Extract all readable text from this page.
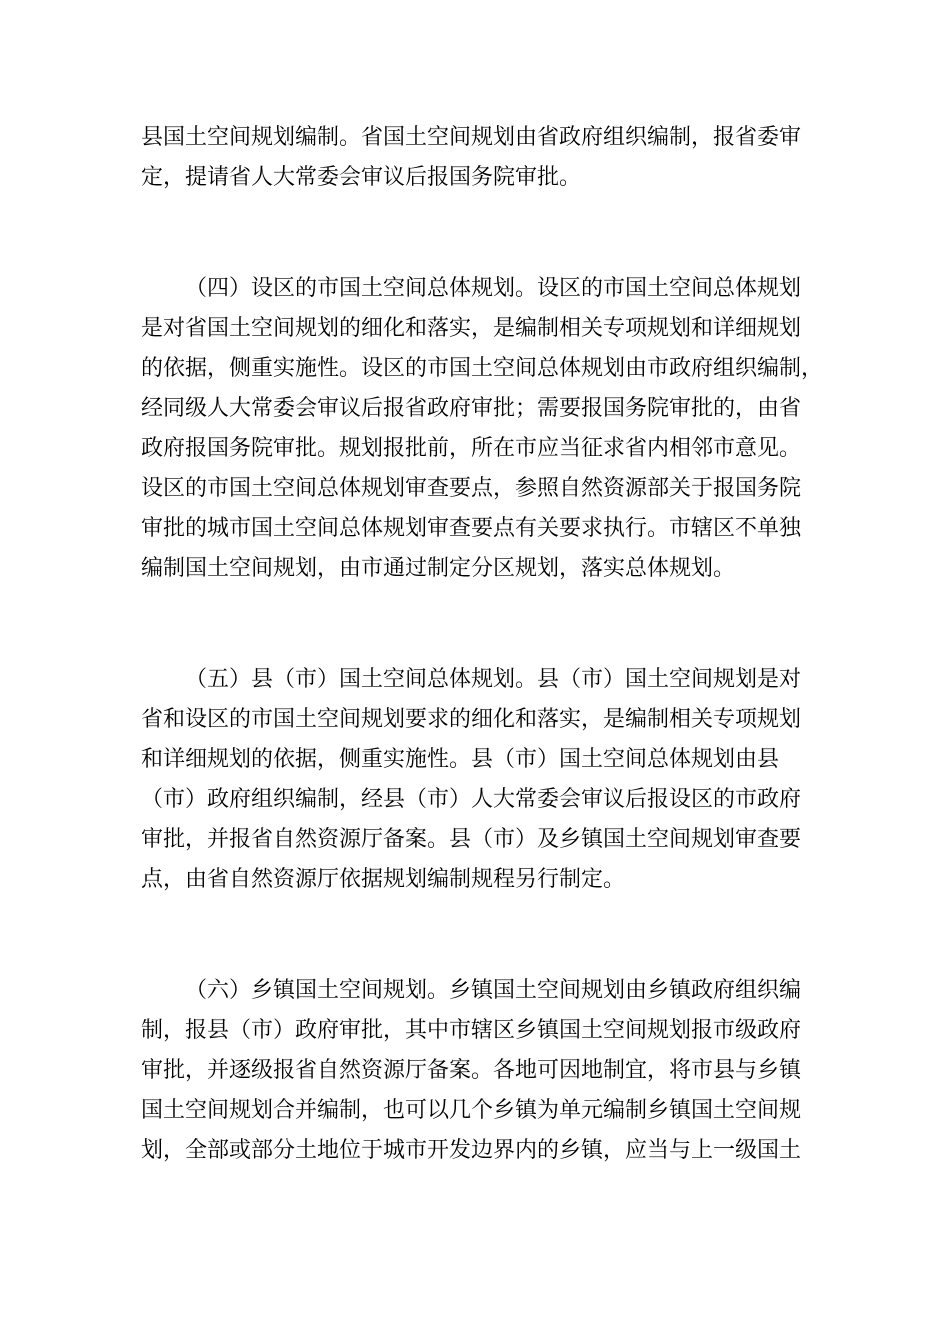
县国土空间规划编制。省国土空间规划由省政府组织编制，报省委审
定，提请省人大常委会审议后报国务院审批。
（四）设区的市国土空间总体规划。设区的市国土空间总体规划
是对省国土空间规划的细化和落实，是编制相关专项规划和详细规划
的依据，侧重实施性。设区的市国土空间总体规划由市政府组织编制，
经同级人大常委会审议后报省政府审批；需要报国务院审批的，由省
政府报国务院审批。规划报批前，所在市应当征求省内相邻市意见。
设区的市国土空间总体规划审查要点，参照自然资源部关于报国务院
审批的城市国土空间总体规划审查要点有关要求执行。市辖区不单独
编制国土空间规划，由市通过制定分区规划，落实总体规划。
（五）县（市）国土空间总体规划。县（市）国土空间规划是对
省和设区的市国土空间规划要求的细化和落实，是编制相关专项规划
和详细规划的依据，侧重实施性。县（市）国土空间总体规划由县
（市）政府组织编制，经县（市）人大常委会审议后报设区的市政府
审批，并报省自然资源厅备案。县（市）及乡镇国土空间规划审查要
点，由省自然资源厅依据规划编制规程另行制定。
（六）乡镇国土空间规划。乡镇国土空间规划由乡镇政府组织编
制，报县（市）政府审批，其中市辖区乡镇国土空间规划报市级政府
审批，并逐级报省自然资源厅备案。各地可因地制宜，将市县与乡镇
国土空间规划合并编制，也可以几个乡镇为单元编制乡镇国土空间规
划，全部或部分土地位于城市开发边界内的乡镇，应当与上一级国土
